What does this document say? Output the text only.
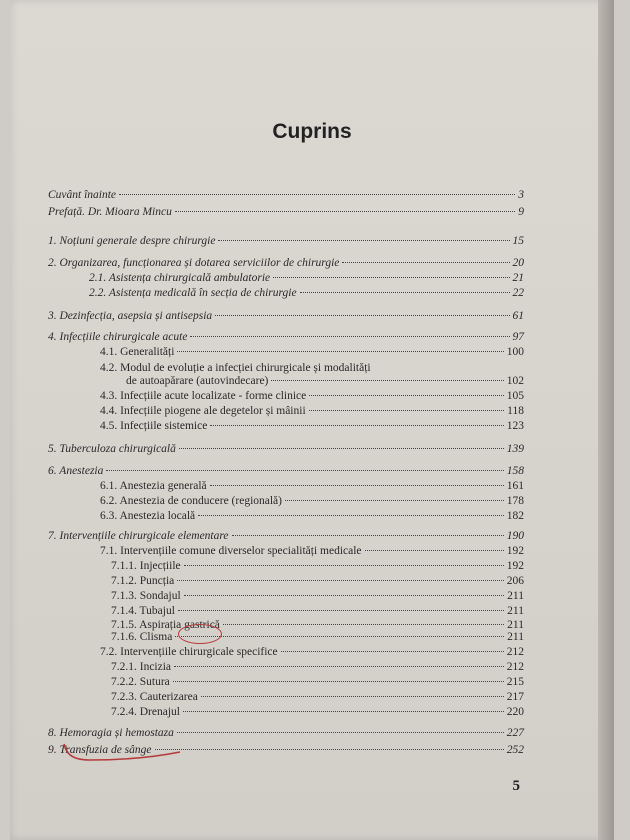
Cuprins
Cuvânt înainte	3
Prefață. Dr. Mioara Mincu	9
1. Noțiuni generale despre chirurgie	15
2. Organizarea, funcționarea și dotarea serviciilor de chirurgie	20
2.1. Asistența chirurgicală ambulatorie	21
2.2. Asistența medicală în secția de chirurgie	22
3. Dezinfecția, asepsia și antisepsia	61
4. Infecțiile chirurgicale acute	97
4.1. Generalități	100
4.2. Modul de evoluție a infecției chirurgicale și modalități
de autoapărare (autovindecare)	102
4.3. Infecțiile acute localizate - forme clinice	105
4.4. Infecțiile piogene ale degetelor și mâinii	118
4.5. Infecțiile sistemice	123
5. Tuberculoza chirurgicală	139
6. Anestezia	158
6.1. Anestezia generală	161
6.2. Anestezia de conducere (regională)	178
6.3. Anestezia locală	182
7. Intervențiile chirurgicale elementare	190
7.1. Intervențiile comune diverselor specialități medicale	192
7.1.1. Injecțiile	192
7.1.2. Puncția	206
7.1.3. Sondajul	211
7.1.4. Tubajul	211
7.1.5. Aspirația gastrică	211
7.1.6. Clisma	211
7.2. Intervențiile chirurgicale specifice	212
7.2.1. Incizia	212
7.2.2. Sutura	215
7.2.3. Cauterizarea	217
7.2.4. Drenajul	220
8. Hemoragia și hemostaza	227
9. Transfuzia de sânge	252
5
